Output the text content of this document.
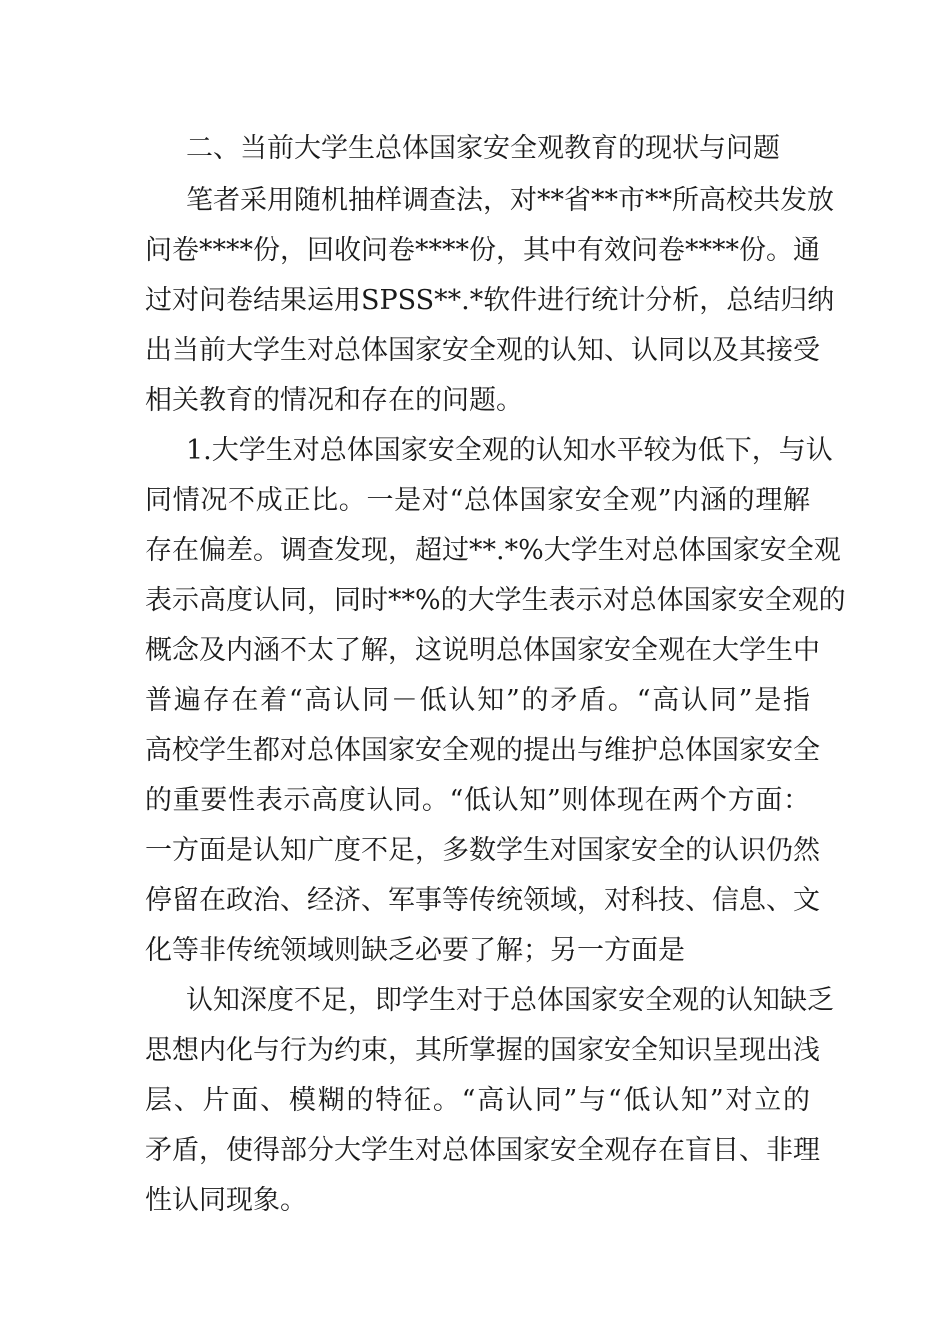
二、当前大学生总体国家安全观教育的现状与问题
笔者采用随机抽样调查法，对**省**市**所高校共发放
问卷****份，回收问卷****份，其中有效问卷****份。通
过对问卷结果运用SPSS**.*软件进行统计分析，总结归纳
出当前大学生对总体国家安全观的认知、认同以及其接受
相关教育的情况和存在的问题。
1.大学生对总体国家安全观的认知水平较为低下，与认
同情况不成正比。一是对“总体国家安全观”内涵的理解
存在偏差。调查发现，超过**.*%大学生对总体国家安全观
表示高度认同，同时**%的大学生表示对总体国家安全观的
概念及内涵不太了解，这说明总体国家安全观在大学生中
普遍存在着“高认同－低认知”的矛盾。“高认同”是指
高校学生都对总体国家安全观的提出与维护总体国家安全
的重要性表示高度认同。“低认知”则体现在两个方面：
一方面是认知广度不足，多数学生对国家安全的认识仍然
停留在政治、经济、军事等传统领域，对科技、信息、文
化等非传统领域则缺乏必要了解；另一方面是
认知深度不足，即学生对于总体国家安全观的认知缺乏
思想内化与行为约束，其所掌握的国家安全知识呈现出浅
层、片面、模糊的特征。“高认同”与“低认知”对立的
矛盾，使得部分大学生对总体国家安全观存在盲目、非理
性认同现象。
